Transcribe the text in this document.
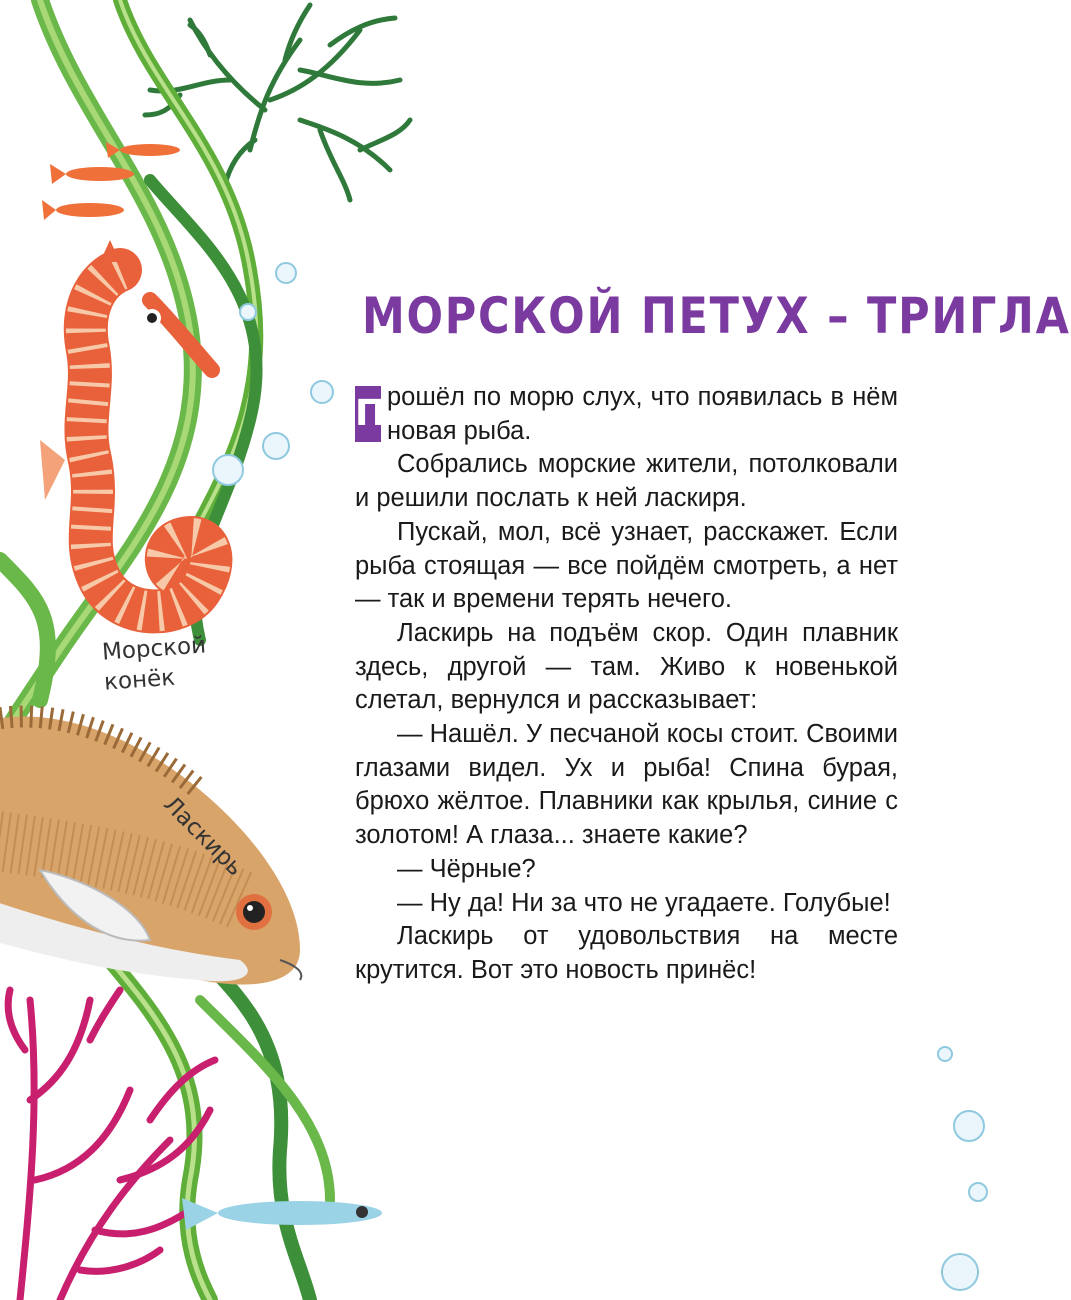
Морской
конёк
Ласкирь
МОРСКОЙ ПЕТУХ – ТРИГЛА

П рошёл по морю слух, что появилась в нём новая рыба.

Собрались морские жители, потолковали и решили послать к ней ласкиря.

Пускай, мол, всё узнает, расскажет. Если рыба стоящая — все пойдём смотреть, а нет — так и времени терять нечего.

Ласкирь на подъём скор. Один плавник здесь, другой — там. Живо к новенькой слетал, вернулся и рассказывает:

— Нашёл. У песчаной косы стоит. Своими глазами видел. Ух и рыба! Спина бурая, брюхо жёлтое. Плавники как крылья, синие с золотом! А глаза... знаете какие?

— Чёрные?

— Ну да! Ни за что не угадаете. Голубые!

Ласкирь от удовольствия на месте крутится. Вот это новость принёс!
